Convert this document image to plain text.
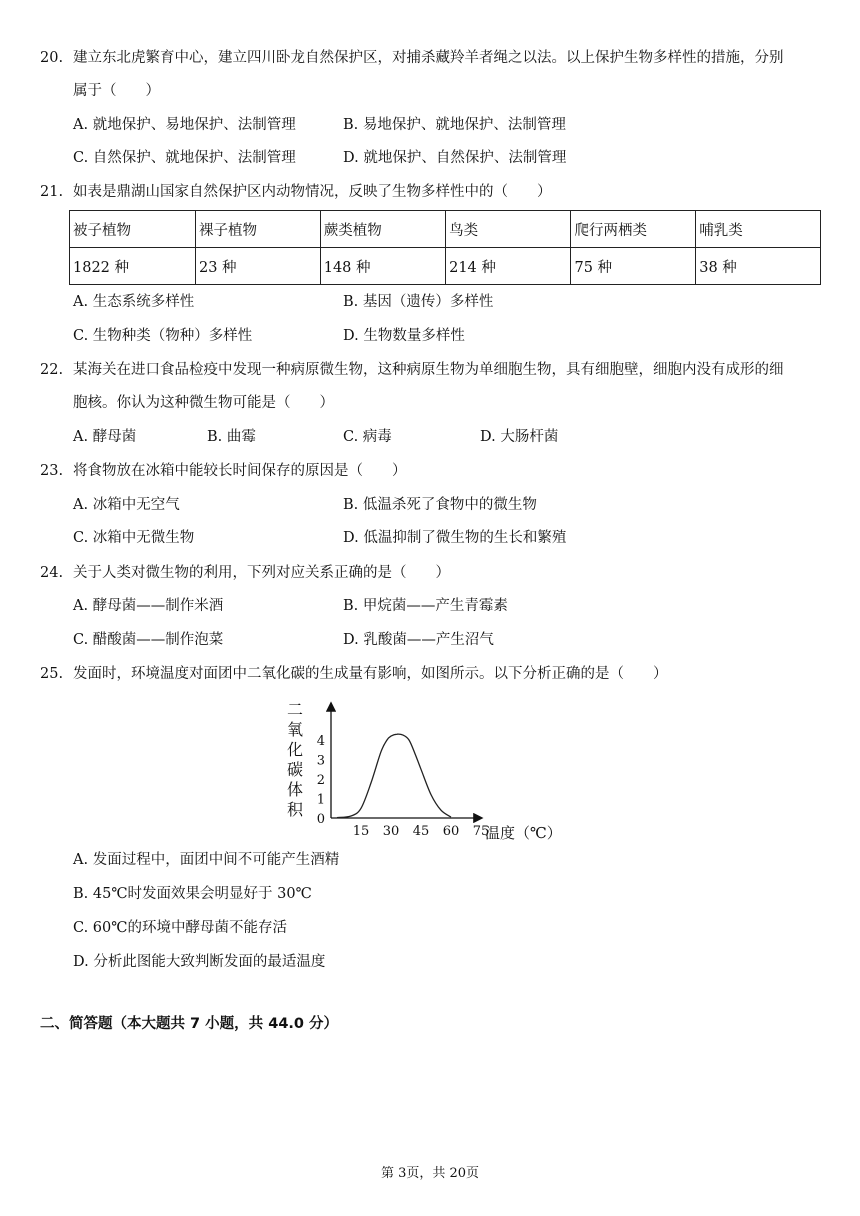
20. 建立东北虎繁育中心，建立四川卧龙自然保护区，对捕杀藏羚羊者绳之以法。以上保护生物多样性的措施，分别
属于（　　）
A. 就地保护、易地保护、法制管理	B. 易地保护、就地保护、法制管理
C. 自然保护、就地保护、法制管理	D. 就地保护、自然保护、法制管理
21. 如表是鼎湖山国家自然保护区内动物情况，反映了生物多样性中的（　　）
被子植物	裸子植物	蕨类植物	鸟类	爬行两栖类	哺乳类
1822 种	23 种	148 种	214 种	75 种	38 种
A. 生态系统多样性	B. 基因（遗传）多样性
C. 生物种类（物种）多样性	D. 生物数量多样性
22. 某海关在进口食品检疫中发现一种病原微生物，这种病原生物为单细胞生物，具有细胞壁，细胞内没有成形的细
胞核。你认为这种微生物可能是（　　）
A. 酵母菌	B. 曲霉	C. 病毒	D. 大肠杆菌
23. 将食物放在冰箱中能较长时间保存的原因是（　　）
A. 冰箱中无空气	B. 低温杀死了食物中的微生物
C. 冰箱中无微生物	D. 低温抑制了微生物的生长和繁殖
24. 关于人类对微生物的利用，下列对应关系正确的是（　　）
A. 酵母菌——制作米酒	B. 甲烷菌——产生青霉素
C. 醋酸菌——制作泡菜	D. 乳酸菌——产生沼气
25. 发面时，环境温度对面团中二氧化碳的生成量有影响，如图所示。以下分析正确的是（　　）
二
氧
化
碳
体
积
0
1
2
3
4
15 30 45 60 75
温度（℃）
A. 发面过程中，面团中间不可能产生酒精
B. 45℃时发面效果会明显好于 30℃
C. 60℃的环境中酵母菌不能存活
D. 分析此图能大致判断发面的最适温度
二、简答题（本大题共 7 小题，共 44.0 分）
第 3页，共 20页
